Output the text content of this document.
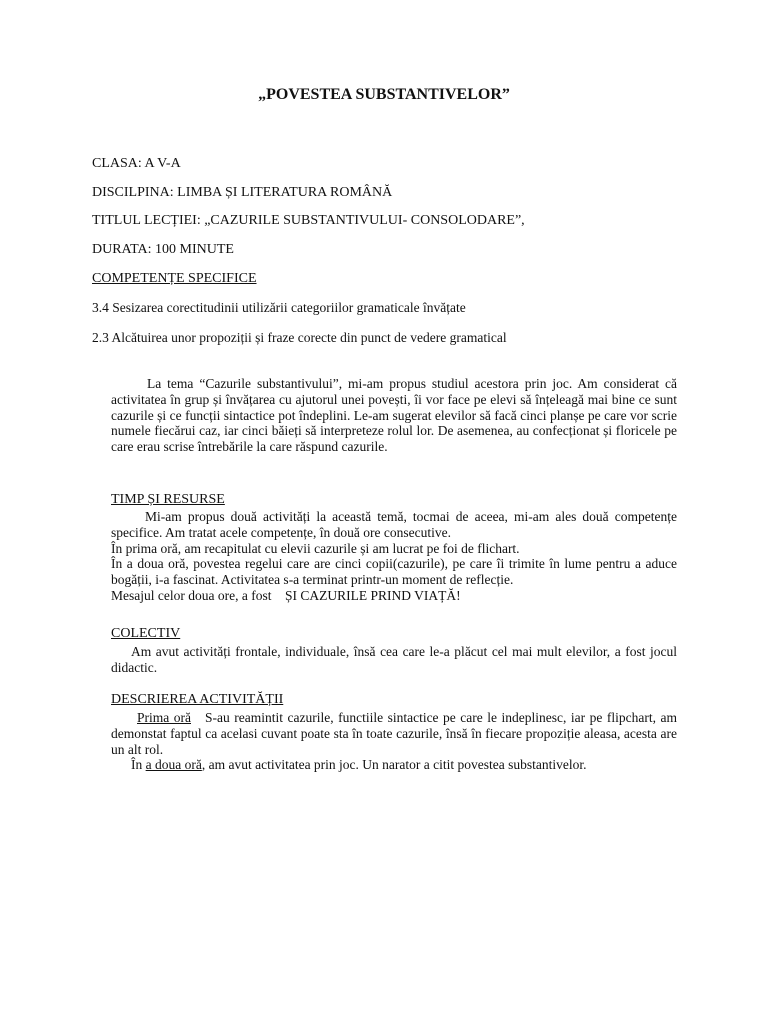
„POVESTEA SUBSTANTIVELOR”
CLASA: A V-A
DISCILPINA: LIMBA ȘI LITERATURA ROMÂNĂ
TITLUL LECȚIEI: „CAZURILE SUBSTANTIVULUI- CONSOLODARE”,
DURATA: 100 MINUTE
COMPETENȚE SPECIFICE
3.4 Sesizarea corectitudinii utilizării categoriilor gramaticale învățate
2.3 Alcătuirea unor propoziții și fraze corecte din punct de vedere gramatical

La tema “Cazurile substantivului”, mi-am propus studiul acestora prin joc. Am considerat că activitatea în grup și învățarea cu ajutorul unei povești, îi vor face pe elevi să înțeleagă mai bine ce sunt cazurile și ce funcții sintactice pot îndeplini. Le-am sugerat elevilor să facă cinci planșe pe care vor scrie numele fiecărui caz, iar cinci băieți să interpreteze rolul lor. De asemenea, au confecționat și floricele pe care erau scrise întrebările la care răspund cazurile.

TIMP ȘI RESURSE

Mi-am propus două activități la această temă, tocmai de aceea, mi-am ales două competențe specifice. Am tratat acele competențe, în două ore consecutive.

În prima oră, am recapitulat cu elevii cazurile și am lucrat pe foi de flichart.

În a doua oră, povestea regelui care are cinci copii(cazurile), pe care îi trimite în lume pentru a aduce bogății, i-a fascinat. Activitatea s-a terminat printr-un moment de reflecție.

Mesajul celor doua ore, a fost    ȘI CAZURILE PRIND VIAȚĂ!

COLECTIV

Am avut activități frontale, individuale, însă cea care le-a plăcut cel mai mult elevilor, a fost jocul didactic.

DESCRIEREA ACTIVITĂȚII

Prima oră S-au reamintit cazurile, functiile sintactice pe care le indeplinesc, iar pe flipchart, am demonstat faptul ca acelasi cuvant poate sta în toate cazurile, însă în fiecare propoziție aleasa, acesta are un alt rol.

În a doua oră, am avut activitatea prin joc. Un narator a citit povestea substantivelor.
